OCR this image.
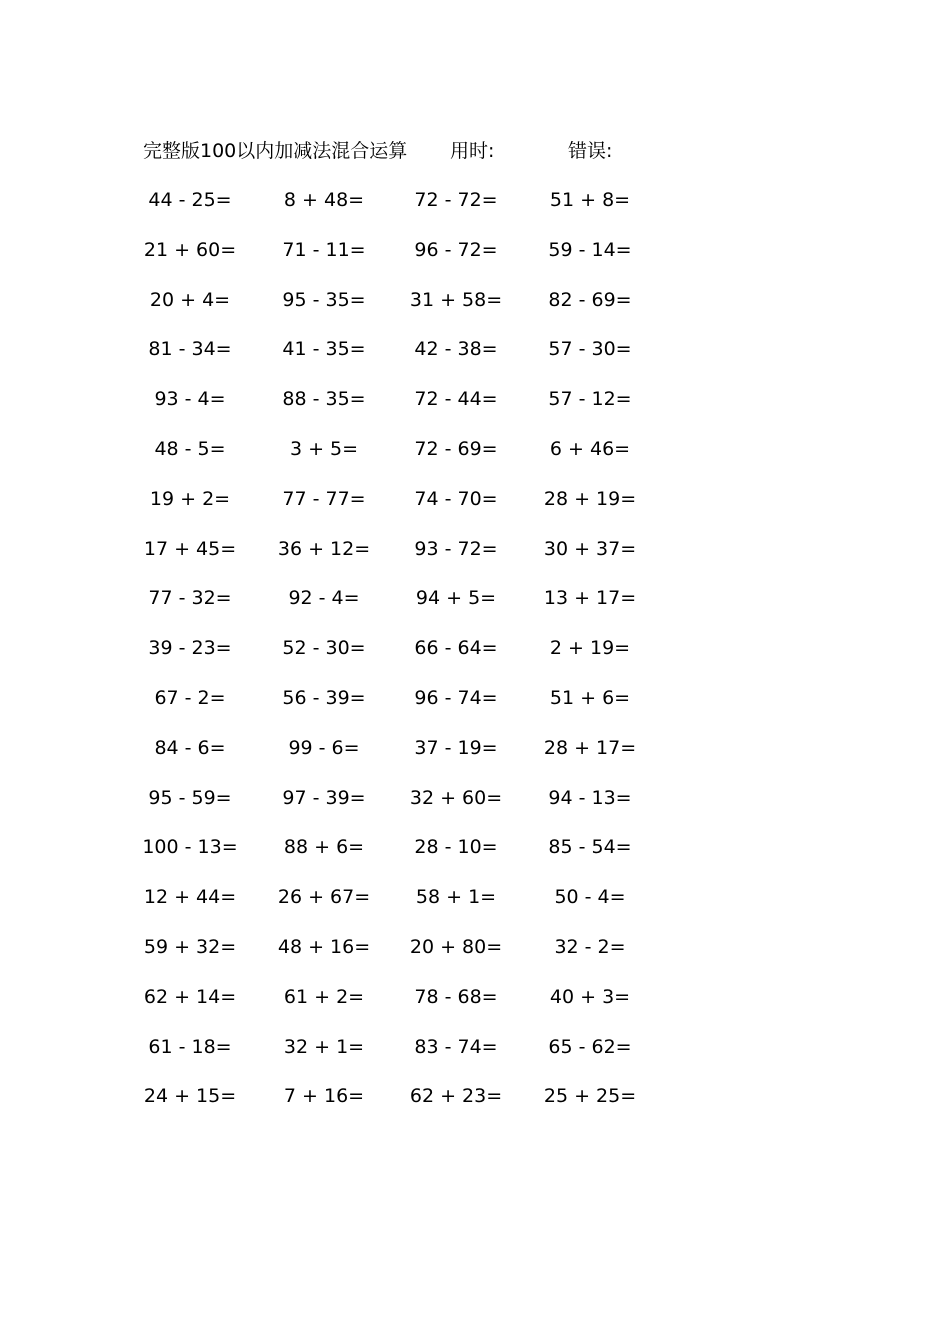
完整版100以内加减法混合运算 用时:	错误:
44 - 25=	8 + 48=	72 - 72=	51 + 8=
21 + 60=	71 - 11=	96 - 72=	59 - 14=
20 + 4=	95 - 35=	31 + 58=	82 - 69=
81 - 34=	41 - 35=	42 - 38=	57 - 30=
93 - 4=	88 - 35=	72 - 44=	57 - 12=
48 - 5=	3 + 5=	72 - 69=	6 + 46=
19 + 2=	77 - 77=	74 - 70=	28 + 19=
17 + 45=	36 + 12=	93 - 72=	30 + 37=
77 - 32=	92 - 4=	94 + 5=	13 + 17=
39 - 23=	52 - 30=	66 - 64=	2 + 19=
67 - 2=	56 - 39=	96 - 74=	51 + 6=
84 - 6=	99 - 6=	37 - 19=	28 + 17=
95 - 59=	97 - 39=	32 + 60=	94 - 13=
100 - 13=	88 + 6=	28 - 10=	85 - 54=
12 + 44=	26 + 67=	58 + 1=	50 - 4=
59 + 32=	48 + 16=	20 + 80=	32 - 2=
62 + 14=	61 + 2=	78 - 68=	40 + 3=
61 - 18=	32 + 1=	83 - 74=	65 - 62=
24 + 15=	7 + 16=	62 + 23=	25 + 25=
